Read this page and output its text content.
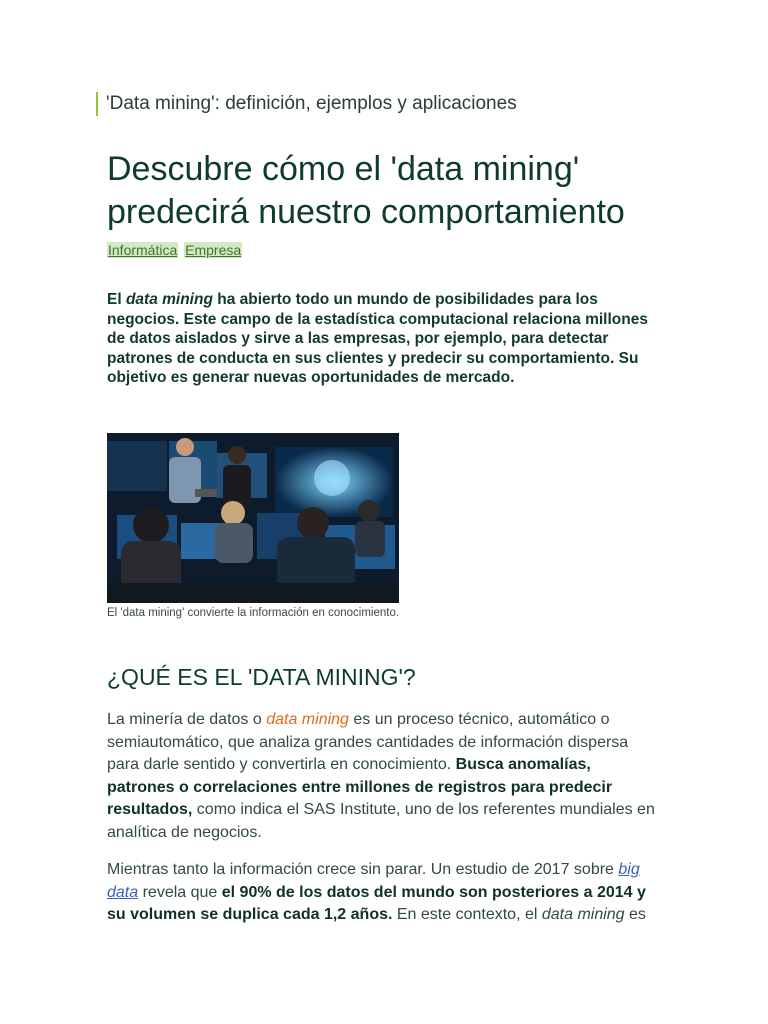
'Data mining': definición, ejemplos y aplicaciones
Descubre cómo el 'data mining' predecirá nuestro comportamiento
Informática Empresa

El data mining ha abierto todo un mundo de posibilidades para los negocios. Este campo de la estadística computacional relaciona millones de datos aislados y sirve a las empresas, por ejemplo, para detectar patrones de conducta en sus clientes y predecir su comportamiento. Su objetivo es generar nuevas oportunidades de mercado.

El 'data mining' convierte la información en conocimiento.
¿QUÉ ES EL 'DATA MINING'?

La minería de datos o data mining es un proceso técnico, automático o semiautomático, que analiza grandes cantidades de información dispersa para darle sentido y convertirla en conocimiento. Busca anomalías, patrones o correlaciones entre millones de registros para predecir resultados, como indica el SAS Institute, uno de los referentes mundiales en analítica de negocios.

Mientras tanto la información crece sin parar. Un estudio de 2017 sobre big data revela que el 90% de los datos del mundo son posteriores a 2014 y su volumen se duplica cada 1,2 años. En este contexto, el data mining es
